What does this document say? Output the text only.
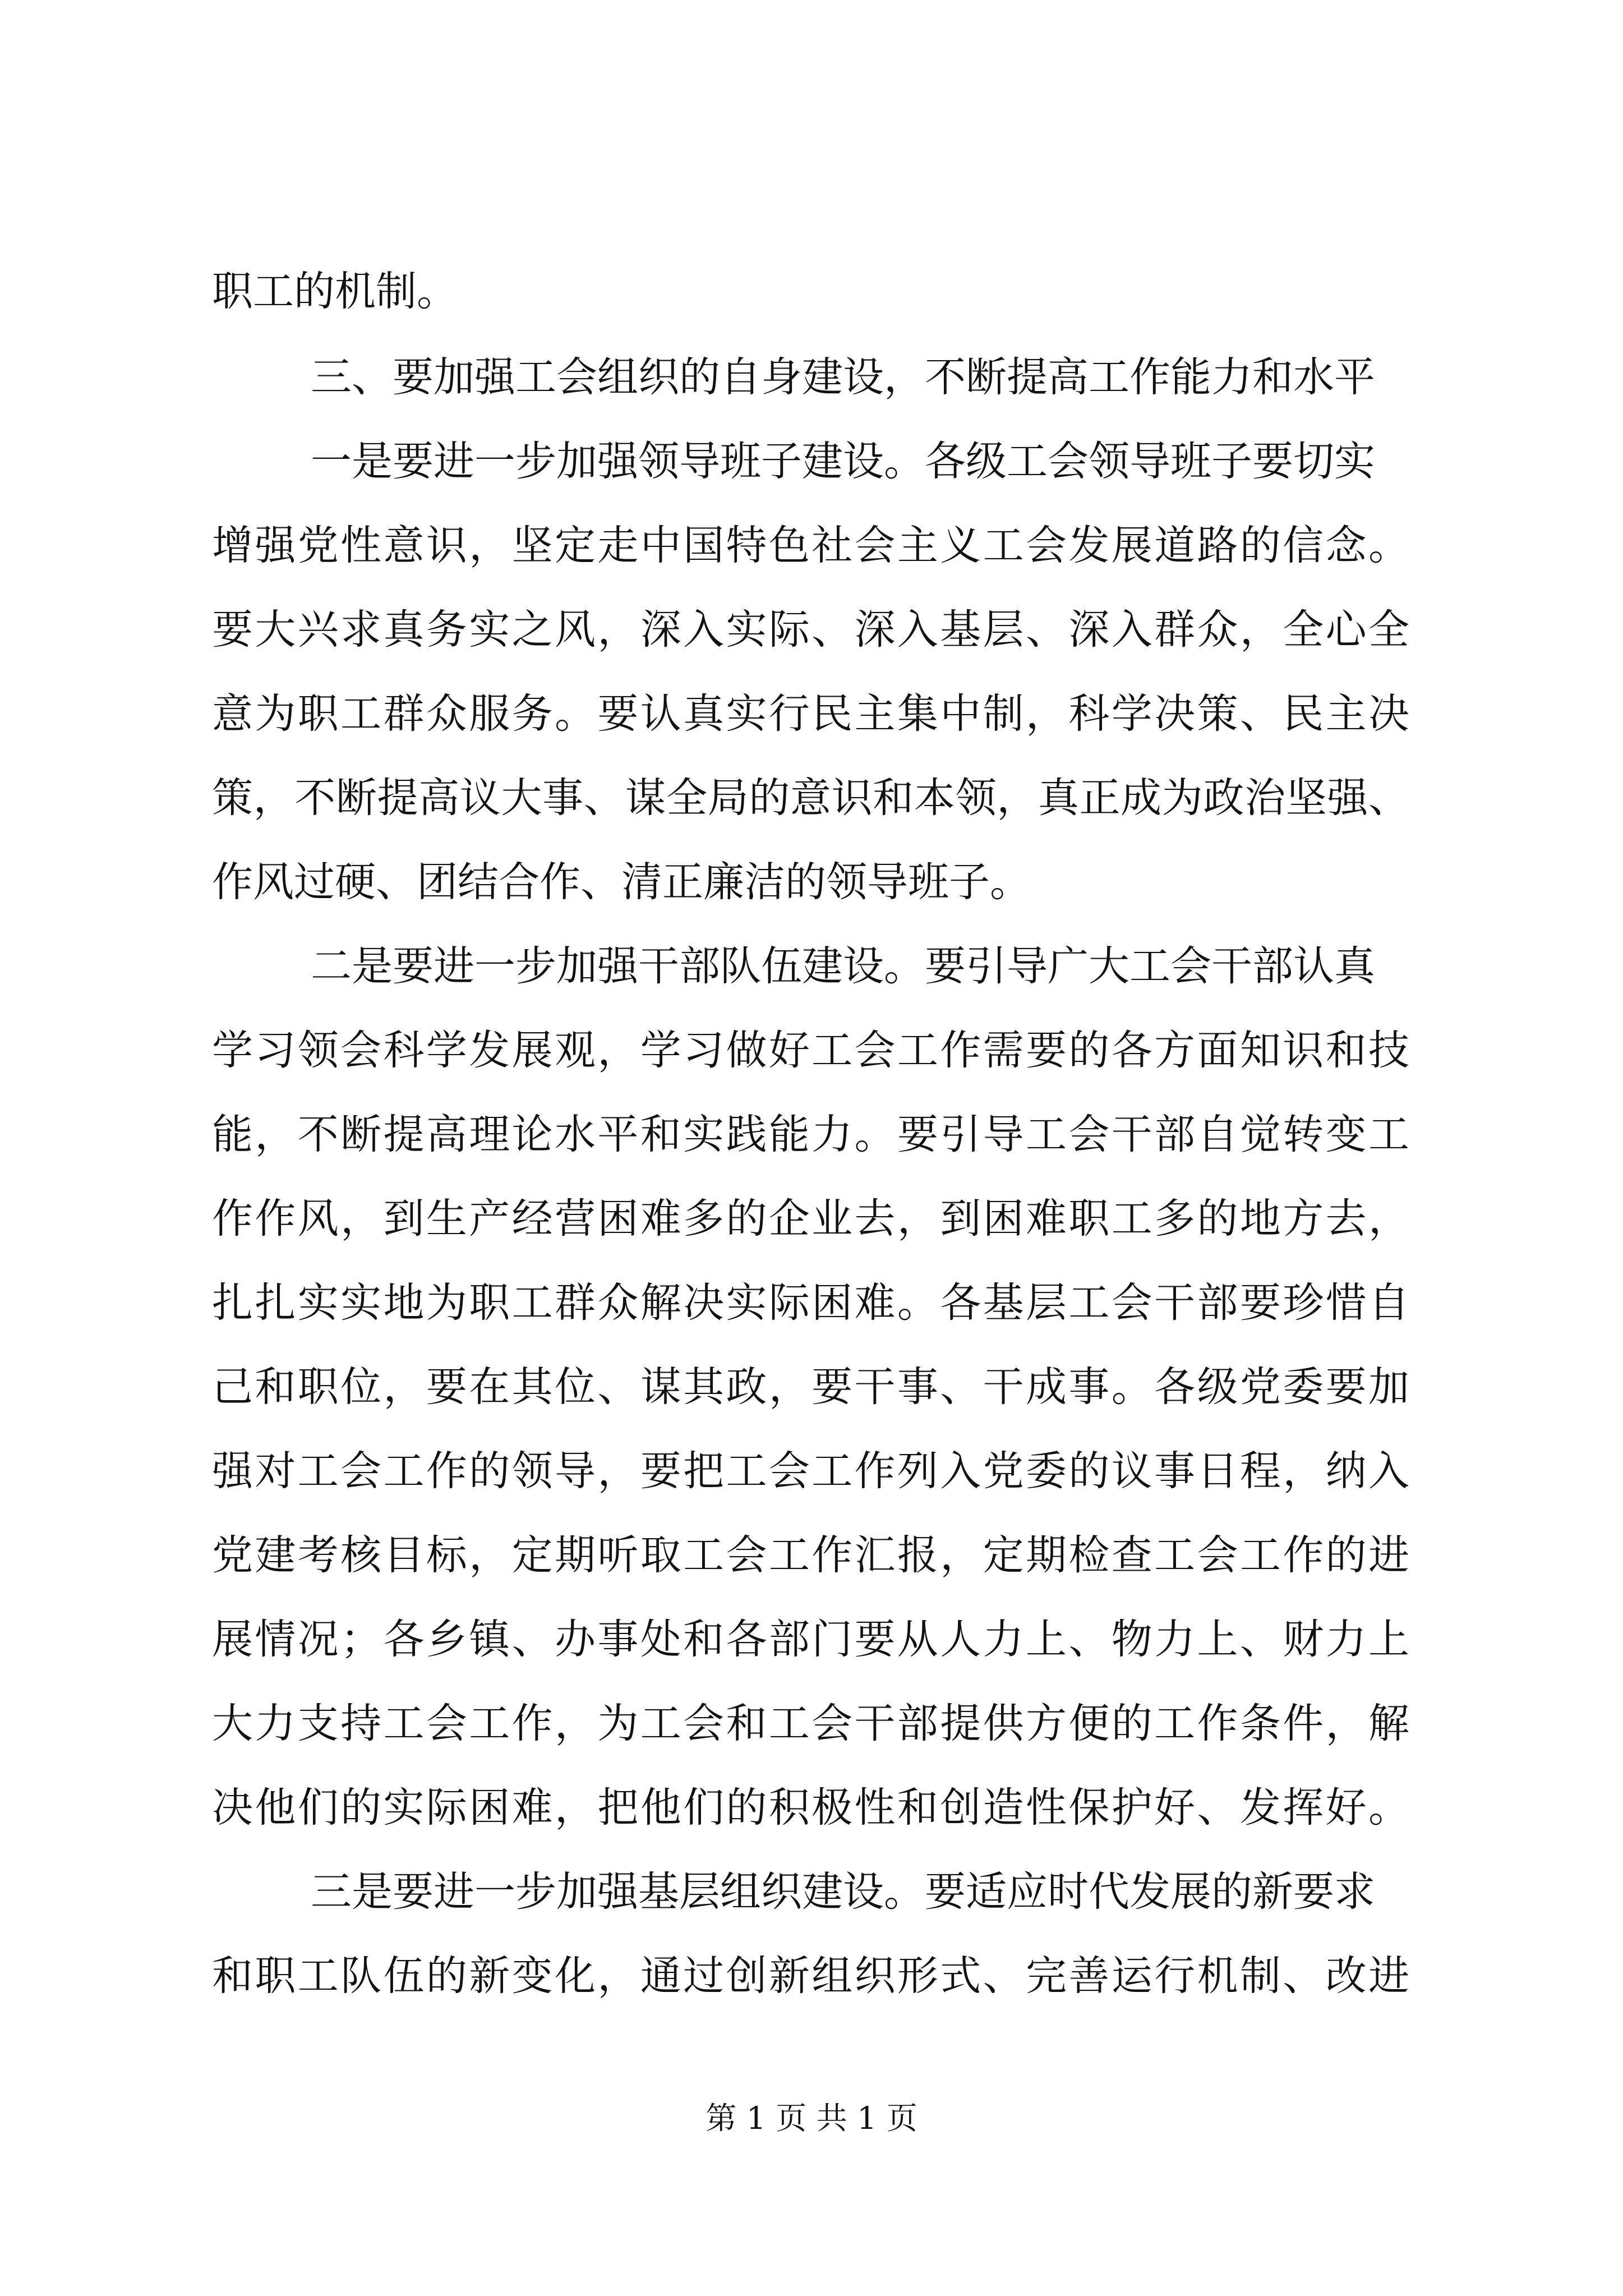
职工的机制。
三、要加强工会组织的自身建设，不断提高工作能力和水平
一是要进一步加强领导班子建设。各级工会领导班子要切实
增强党性意识，坚定走中国特色社会主义工会发展道路的信念。
要大兴求真务实之风，深入实际、深入基层、深入群众，全心全
意为职工群众服务。要认真实行民主集中制，科学决策、民主决
策，不断提高议大事、谋全局的意识和本领，真正成为政治坚强、
作风过硬、团结合作、清正廉洁的领导班子。
二是要进一步加强干部队伍建设。要引导广大工会干部认真
学习领会科学发展观，学习做好工会工作需要的各方面知识和技
能，不断提高理论水平和实践能力。要引导工会干部自觉转变工
作作风，到生产经营困难多的企业去，到困难职工多的地方去，
扎扎实实地为职工群众解决实际困难。各基层工会干部要珍惜自
己和职位，要在其位、谋其政，要干事、干成事。各级党委要加
强对工会工作的领导，要把工会工作列入党委的议事日程，纳入
党建考核目标，定期听取工会工作汇报，定期检查工会工作的进
展情况；各乡镇、办事处和各部门要从人力上、物力上、财力上
大力支持工会工作，为工会和工会干部提供方便的工作条件，解
决他们的实际困难，把他们的积极性和创造性保护好、发挥好。
三是要进一步加强基层组织建设。要适应时代发展的新要求
和职工队伍的新变化，通过创新组织形式、完善运行机制、改进
第 1 页 共 1 页
